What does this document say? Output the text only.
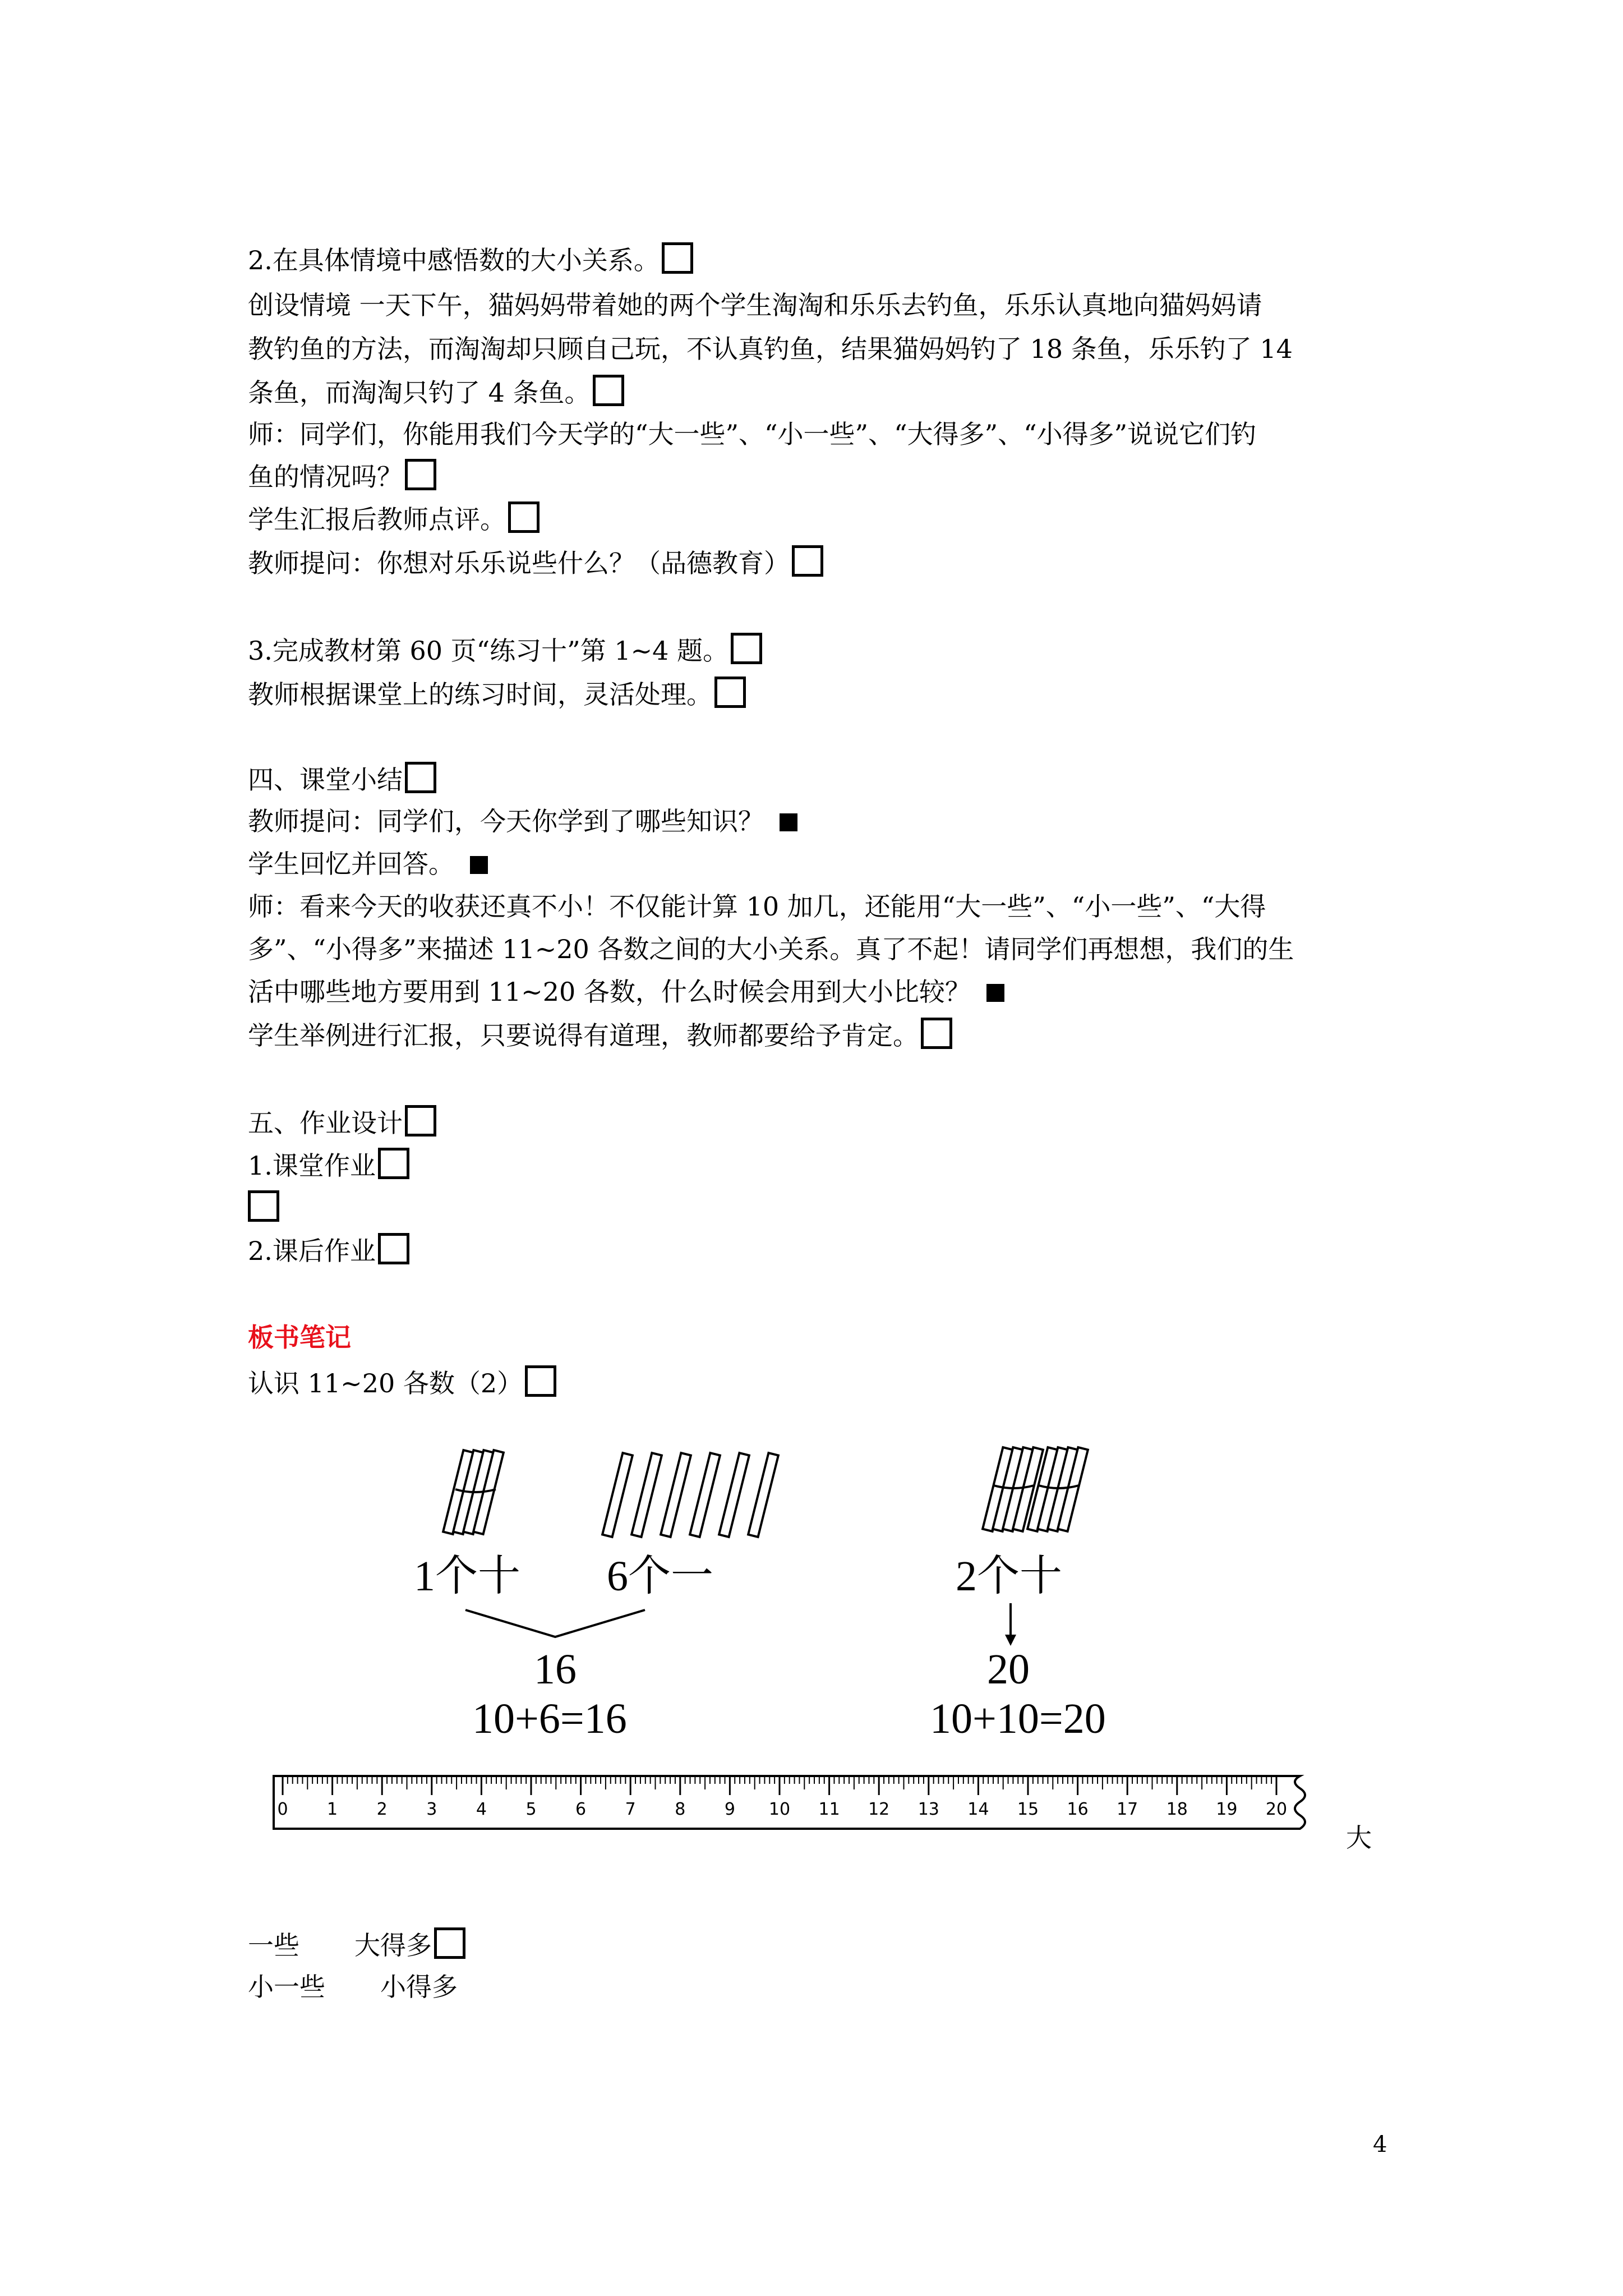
2.在具体情境中感悟数的大小关系。
创设情境 一天下午，猫妈妈带着她的两个学生淘淘和乐乐去钓鱼，乐乐认真地向猫妈妈请
教钓鱼的方法，而淘淘却只顾自己玩，不认真钓鱼，结果猫妈妈钓了 18 条鱼，乐乐钓了 14
条鱼，而淘淘只钓了 4 条鱼。
师：同学们，你能用我们今天学的“大一些”、“小一些”、“大得多”、“小得多”说说它们钓
鱼的情况吗？
学生汇报后教师点评。
教师提问：你想对乐乐说些什么？（品德教育）
3.完成教材第 60 页“练习十”第 1~4 题。
教师根据课堂上的练习时间，灵活处理。
四、课堂小结
教师提问：同学们，今天你学到了哪些知识？
学生回忆并回答。
师：看来今天的收获还真不小！不仅能计算 10 加几，还能用“大一些”、“小一些”、“大得
多”、“小得多”来描述 11~20 各数之间的大小关系。真了不起！请同学们再想想，我们的生
活中哪些地方要用到 11~20 各数，什么时候会用到大小比较？
学生举例进行汇报，只要说得有道理，教师都要给予肯定。
五、作业设计
1.课堂作业
2.课后作业
板书笔记
认识 11~20 各数（2）
1个十 6个一	2个十
16
10+6=16
20
10+10=20
0	1	2	3	4	5	6	7	8	9	10	11	12	13	14	15	16	17	18	19	20
大
一些 大得多
小一些 小得多
4
